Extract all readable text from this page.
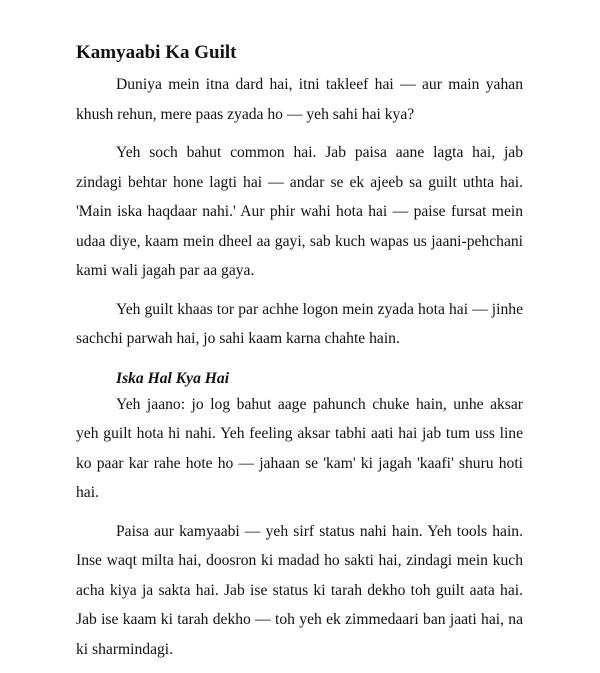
Kamyaabi Ka Guilt

Duniya mein itna dard hai, itni takleef hai — aur main yahan khush rehun, mere paas zyada ho — yeh sahi hai kya?

Yeh soch bahut common hai. Jab paisa aane lagta hai, jab zindagi behtar hone lagti hai — andar se ek ajeeb sa guilt uthta hai. 'Main iska haqdaar nahi.' Aur phir wahi hota hai — paise fursat mein udaa diye, kaam mein dheel aa gayi, sab kuch wapas us jaani-pehchani kami wali jagah par aa gaya.

Yeh guilt khaas tor par achhe logon mein zyada hota hai — jinhe sachchi parwah hai, jo sahi kaam karna chahte hain.

Iska Hal Kya Hai

Yeh jaano: jo log bahut aage pahunch chuke hain, unhe aksar yeh guilt hota hi nahi. Yeh feeling aksar tabhi aati hai jab tum uss line ko paar kar rahe hote ho — jahaan se 'kam' ki jagah 'kaafi' shuru hoti hai.

Paisa aur kamyaabi — yeh sirf status nahi hain. Yeh tools hain. Inse waqt milta hai, doosron ki madad ho sakti hai, zindagi mein kuch acha kiya ja sakta hai. Jab ise status ki tarah dekho toh guilt aata hai. Jab ise kaam ki tarah dekho — toh yeh ek zimmedaari ban jaati hai, na ki sharmindagi.
